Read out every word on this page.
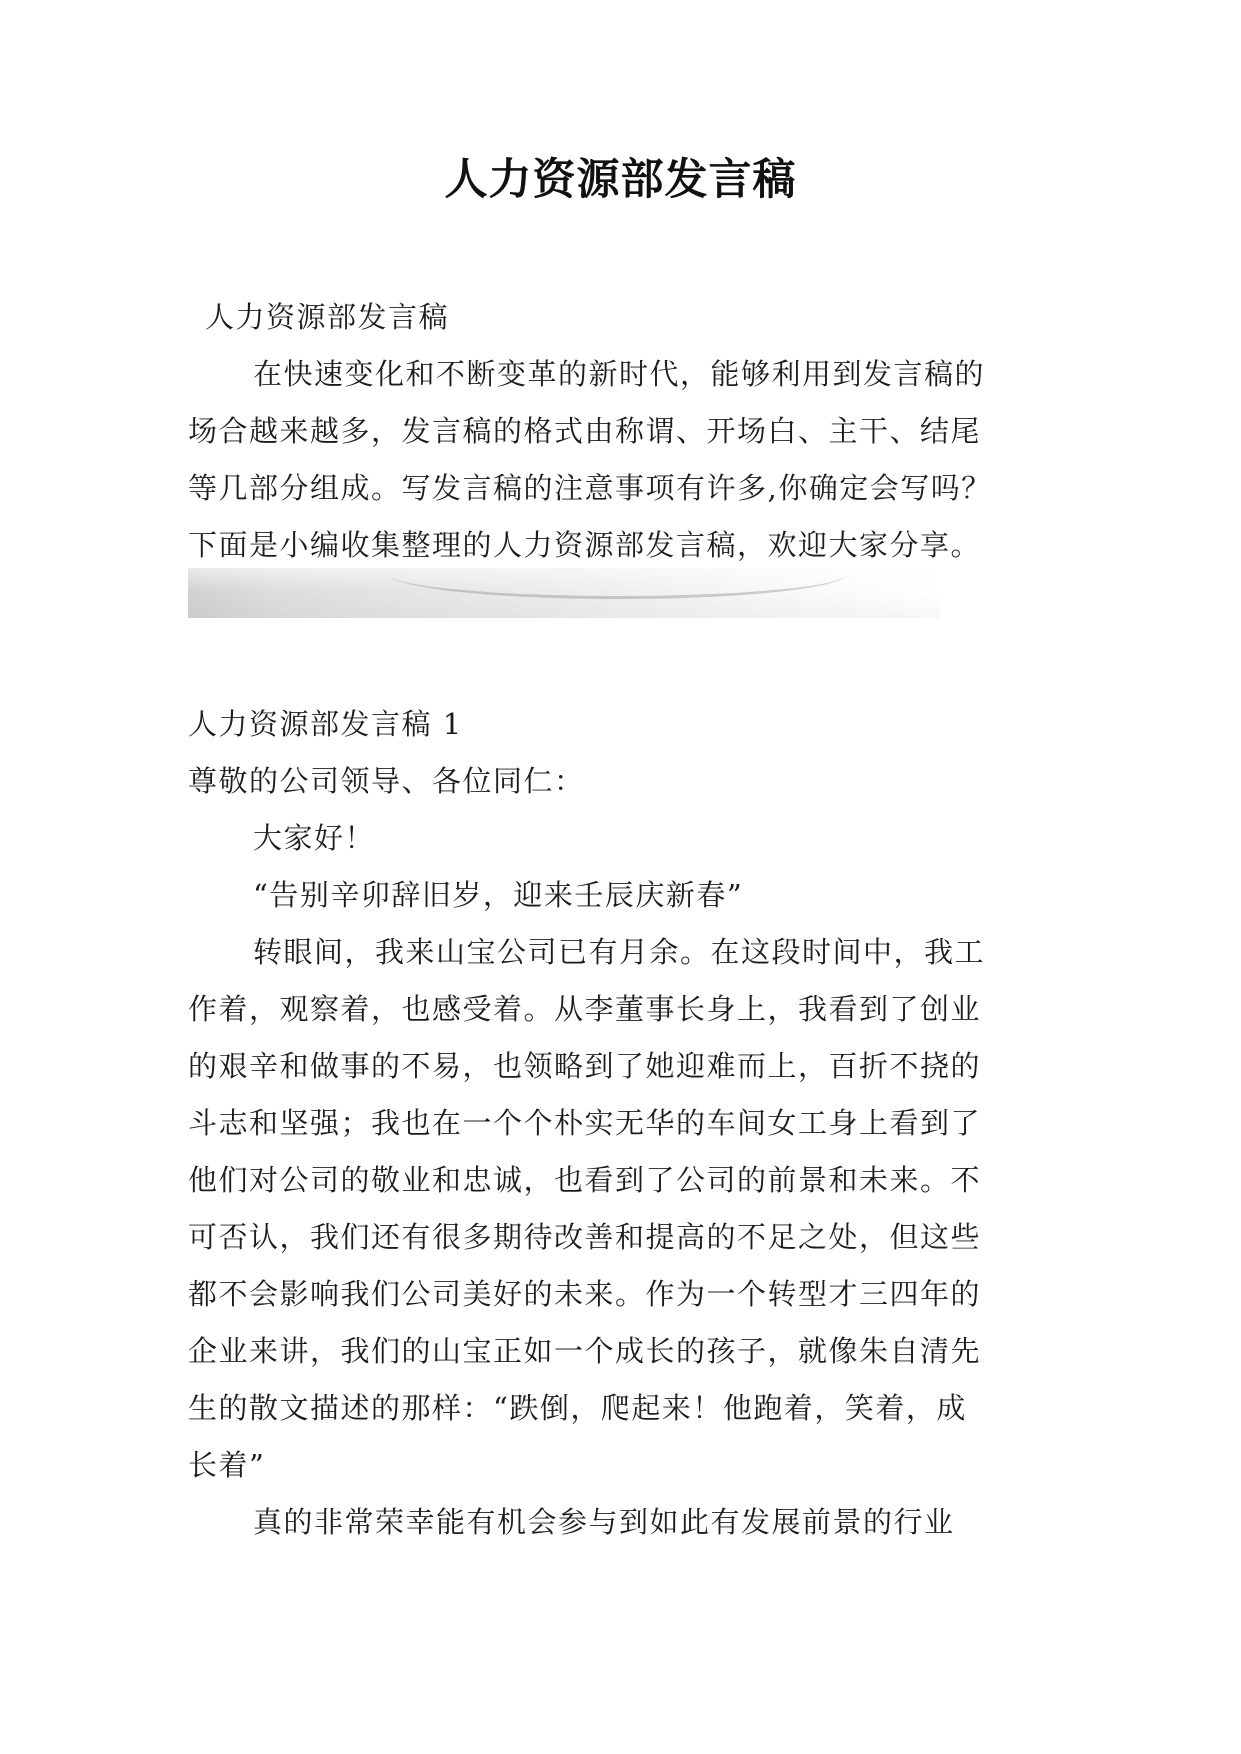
人力资源部发言稿
人力资源部发言稿
在快速变化和不断变革的新时代，能够利用到发言稿的
场合越来越多，发言稿的格式由称谓、开场白、主干、结尾
等几部分组成。写发言稿的注意事项有许多,你确定会写吗？
下面是小编收集整理的人力资源部发言稿，欢迎大家分享。
人力资源部发言稿 1
尊敬的公司领导、各位同仁：
大家好！
“告别辛卯辞旧岁，迎来壬辰庆新春”
转眼间，我来山宝公司已有月余。在这段时间中，我工
作着，观察着，也感受着。从李董事长身上，我看到了创业
的艰辛和做事的不易，也领略到了她迎难而上，百折不挠的
斗志和坚强；我也在一个个朴实无华的车间女工身上看到了
他们对公司的敬业和忠诚，也看到了公司的前景和未来。不
可否认，我们还有很多期待改善和提高的不足之处，但这些
都不会影响我们公司美好的未来。作为一个转型才三四年的
企业来讲，我们的山宝正如一个成长的孩子，就像朱自清先
生的散文描述的那样：“跌倒，爬起来！他跑着，笑着，成
长着”
真的非常荣幸能有机会参与到如此有发展前景的行业
